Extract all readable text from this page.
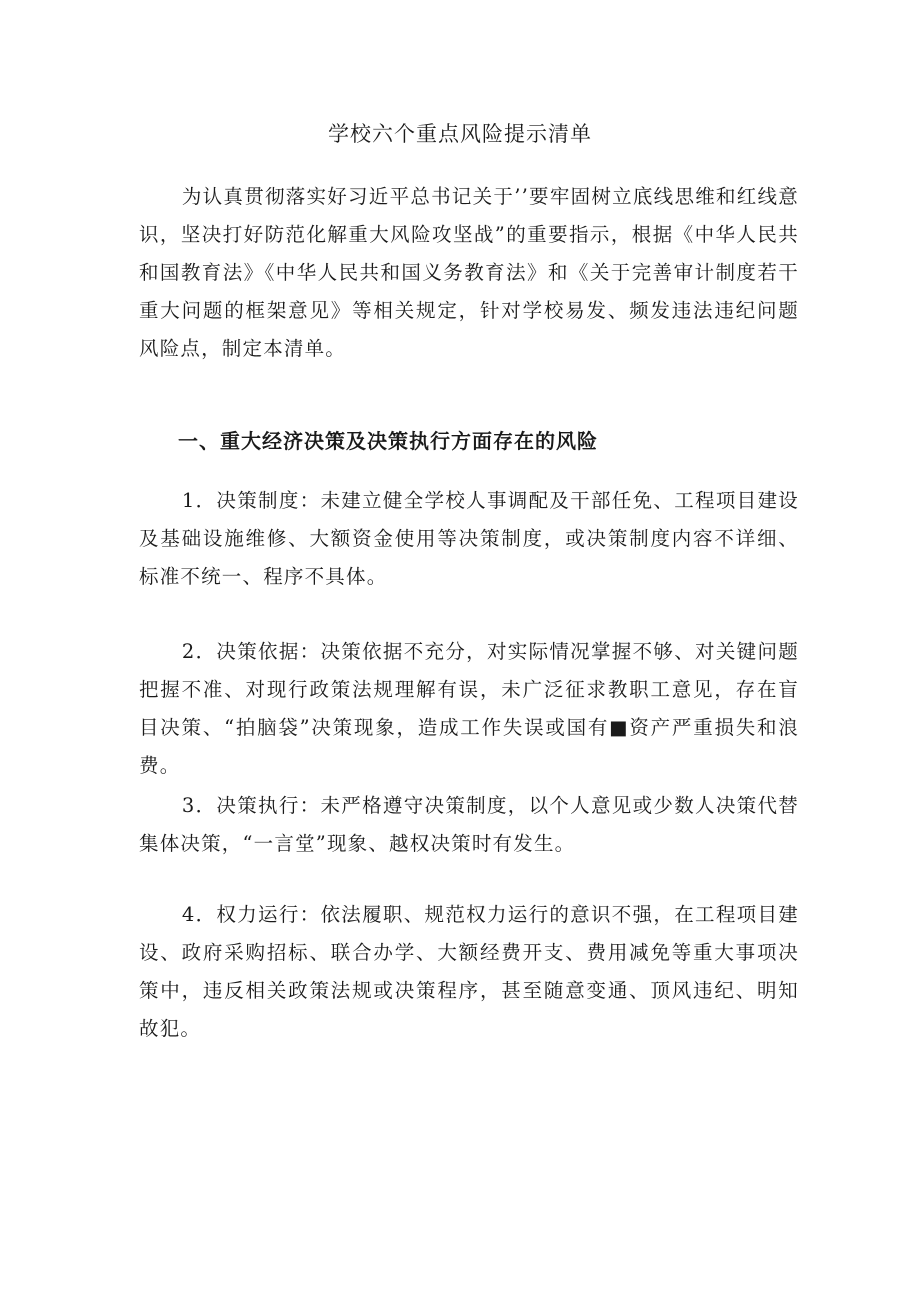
学校六个重点风险提示清单

为认真贯彻落实好习近平总书记关于’’要牢固树立底线思维和红线意识，坚决打好防范化解重大风险攻坚战”的重要指示，根据《中华人民共和国教育法》《中华人民共和国义务教育法》和《关于完善审计制度若干重大问题的框架意见》等相关规定，针对学校易发、频发违法违纪问题风险点，制定本清单。

一、重大经济决策及决策执行方面存在的风险

1．决策制度：未建立健全学校人事调配及干部任免、工程项目建设及基础设施维修、大额资金使用等决策制度，或决策制度内容不详细、标准不统一、程序不具体。

2．决策依据：决策依据不充分，对实际情况掌握不够、对关键问题把握不准、对现行政策法规理解有误，未广泛征求教职工意见，存在盲目决策、“拍脑袋”决策现象，造成工作失误或国有■资产严重损失和浪费。

3．决策执行：未严格遵守决策制度，以个人意见或少数人决策代替集体决策，“一言堂”现象、越权决策时有发生。

4．权力运行：依法履职、规范权力运行的意识不强，在工程项目建设、政府采购招标、联合办学、大额经费开支、费用减免等重大事项决策中，违反相关政策法规或决策程序，甚至随意变通、顶风违纪、明知故犯。
